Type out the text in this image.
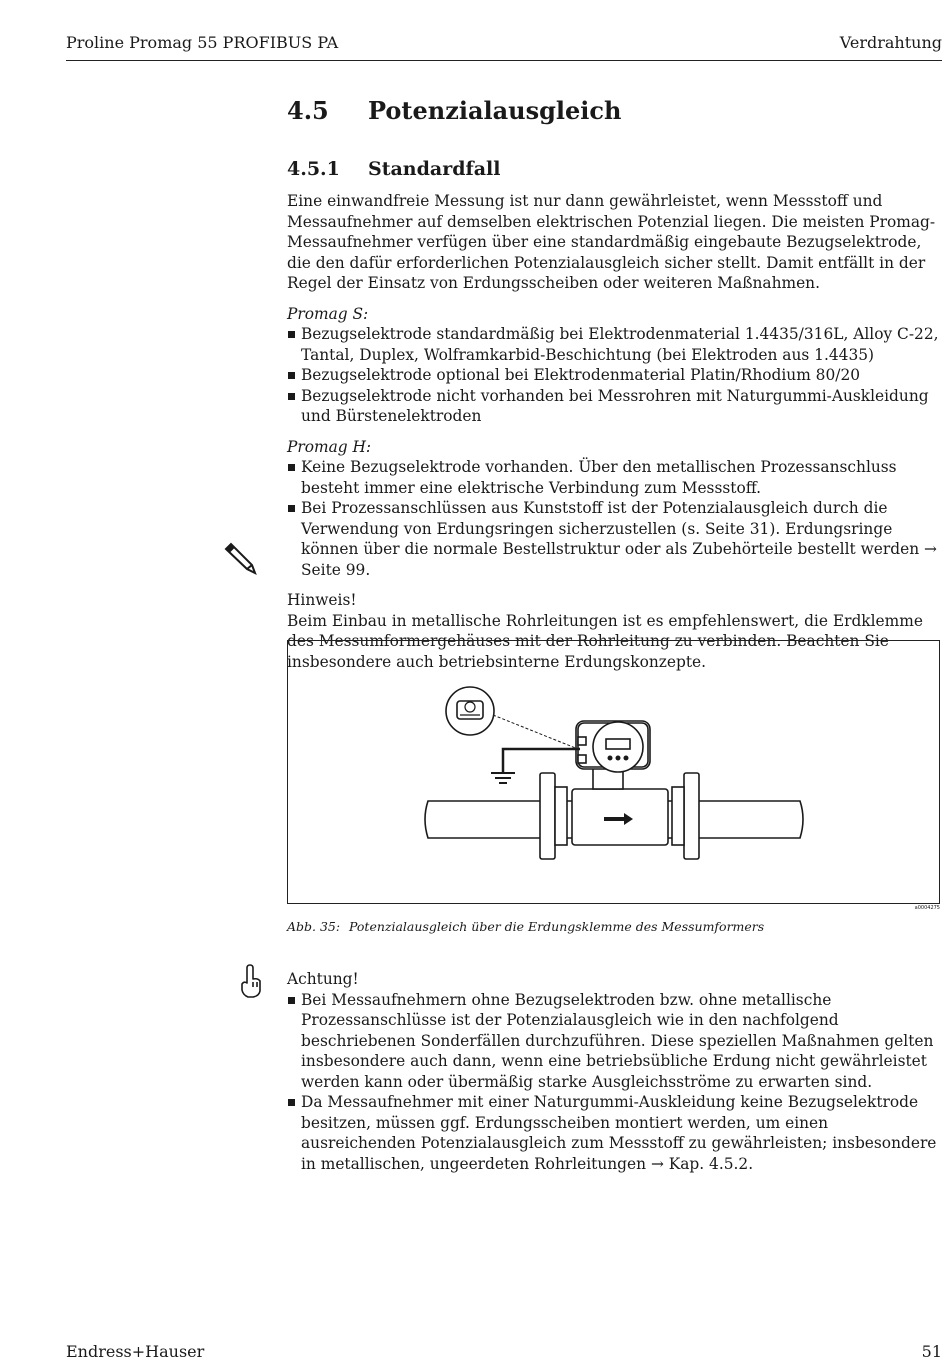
Proline Promag 55 PROFIBUS PA	Verdrahtung
4.5 Potenzialausgleich
4.5.1 Standardfall

Eine einwandfreie Messung ist nur dann gewährleistet, wenn Messstoff und Messaufnehmer auf demselben elektrischen Potenzial liegen. Die meisten Promag-Messaufnehmer verfügen über eine standardmäßig eingebaute Bezugselektrode, die den dafür erforderlichen Potenzialausgleich sicher stellt. Damit entfällt in der Regel der Einsatz von Erdungsscheiben oder weiteren Maßnahmen.

Promag S:

Bezugselektrode standardmäßig bei Elektrodenmaterial 1.4435/316L, Alloy C-22, Tantal, Duplex, Wolframkarbid-Beschichtung (bei Elektroden aus 1.4435)
Bezugselektrode optional bei Elektrodenmaterial Platin/Rhodium 80/20
Bezugselektrode nicht vorhanden bei Messrohren mit Naturgummi-Auskleidung und Bürstenelektroden

Promag H:

Keine Bezugselektrode vorhanden. Über den metallischen Prozessanschluss besteht immer eine elektrische Verbindung zum Messstoff.
Bei Prozessanschlüssen aus Kunststoff ist der Potenzialausgleich durch die Verwendung von Erdungsringen sicherzustellen (s. Seite 31). Erdungsringe können über die normale Bestellstruktur oder als Zubehörteile bestellt werden → Seite 99.

Hinweis!

Beim Einbau in metallische Rohrleitungen ist es empfehlenswert, die Erdklemme des Messumformergehäuses mit der Rohrleitung zu verbinden. Beachten Sie insbesondere auch betriebsinterne Erdungskonzepte.

a0004275
Abb. 35: Potenzialausgleich über die Erdungsklemme des Messumformers

Achtung!

Bei Messaufnehmern ohne Bezugselektroden bzw. ohne metallische Prozessanschlüsse ist der Potenzialausgleich wie in den nachfolgend beschriebenen Sonderfällen durchzuführen. Diese speziellen Maßnahmen gelten insbesondere auch dann, wenn eine betriebsübliche Erdung nicht gewährleistet werden kann oder übermäßig starke Ausgleichsströme zu erwarten sind.
Da Messaufnehmer mit einer Naturgummi-Auskleidung keine Bezugselektrode besitzen, müssen ggf. Erdungsscheiben montiert werden, um einen ausreichenden Potenzialausgleich zum Messstoff zu gewährleisten; insbesondere in metallischen, ungeerdeten Rohrleitungen → Kap. 4.5.2.
Endress+Hauser	51
